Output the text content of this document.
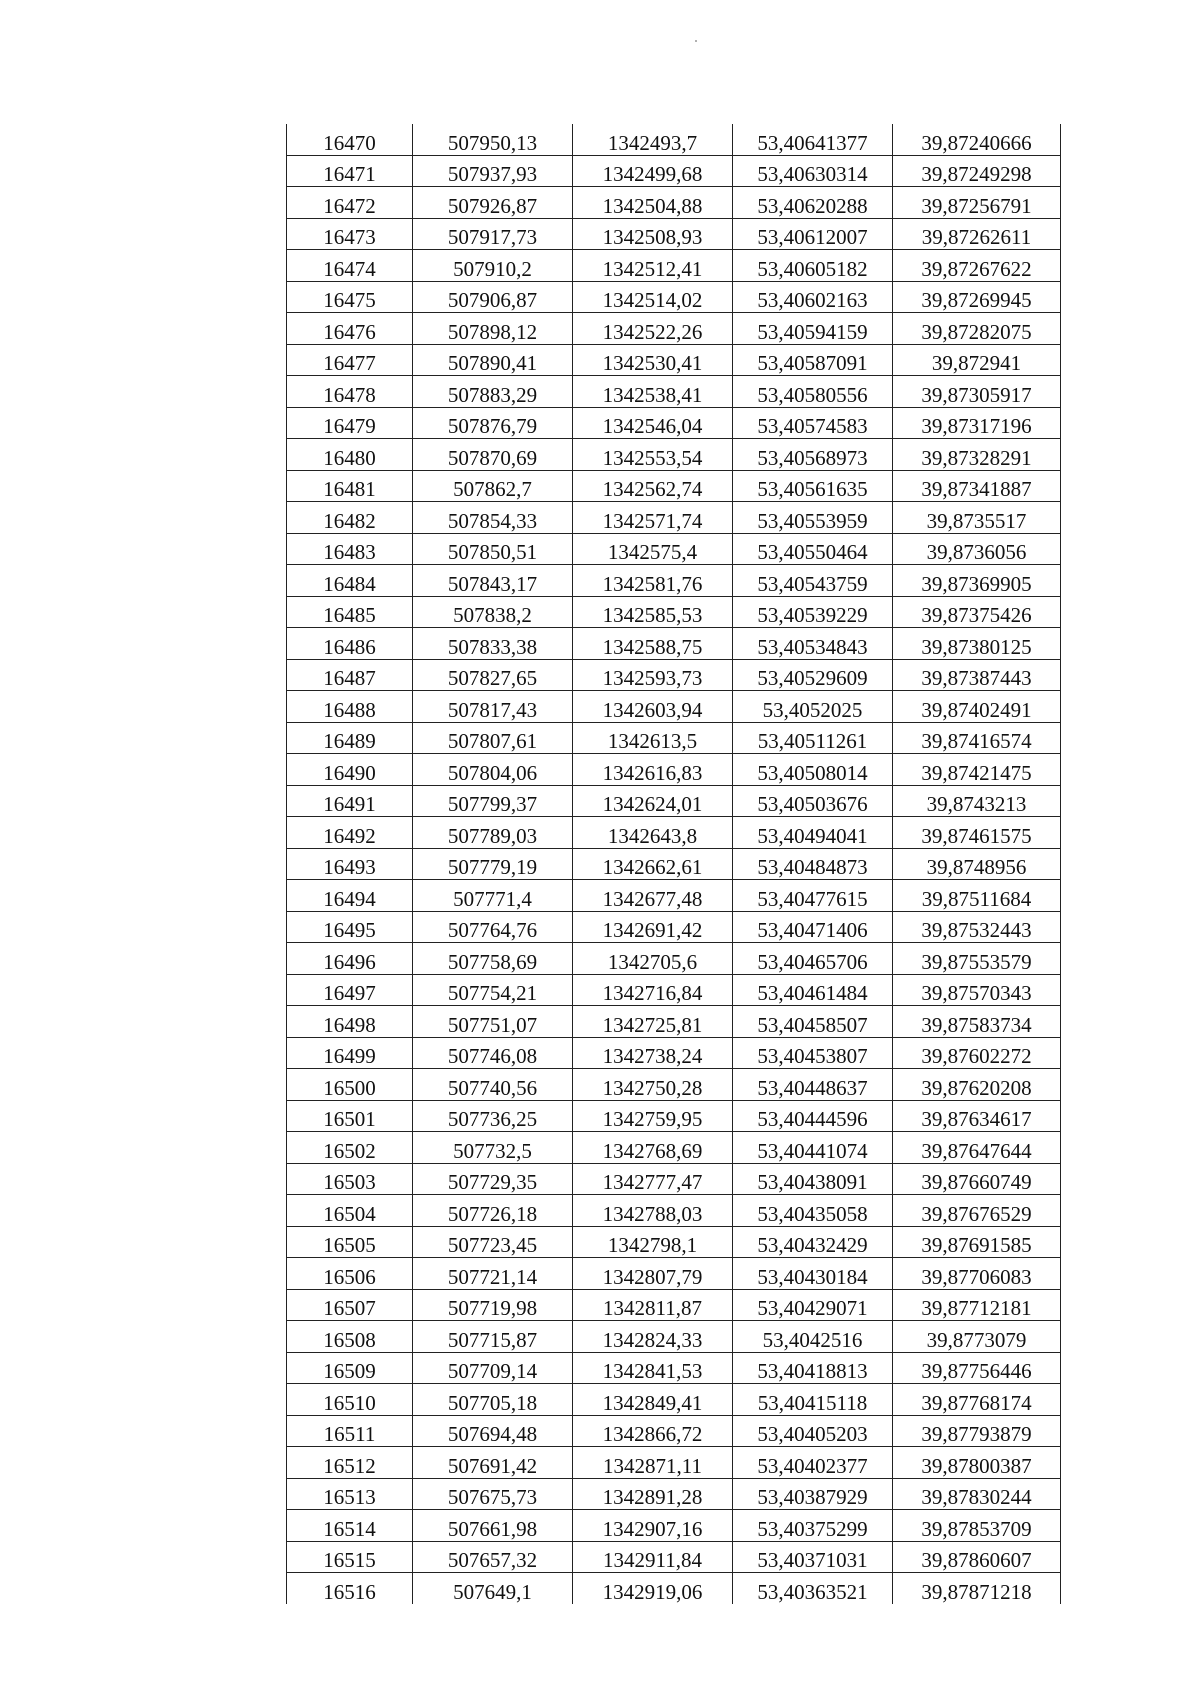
16470	507950,13	1342493,7	53,40641377	39,87240666
16471	507937,93	1342499,68	53,40630314	39,87249298
16472	507926,87	1342504,88	53,40620288	39,87256791
16473	507917,73	1342508,93	53,40612007	39,87262611
16474	507910,2	1342512,41	53,40605182	39,87267622
16475	507906,87	1342514,02	53,40602163	39,87269945
16476	507898,12	1342522,26	53,40594159	39,87282075
16477	507890,41	1342530,41	53,40587091	39,872941
16478	507883,29	1342538,41	53,40580556	39,87305917
16479	507876,79	1342546,04	53,40574583	39,87317196
16480	507870,69	1342553,54	53,40568973	39,87328291
16481	507862,7	1342562,74	53,40561635	39,87341887
16482	507854,33	1342571,74	53,40553959	39,8735517
16483	507850,51	1342575,4	53,40550464	39,8736056
16484	507843,17	1342581,76	53,40543759	39,87369905
16485	507838,2	1342585,53	53,40539229	39,87375426
16486	507833,38	1342588,75	53,40534843	39,87380125
16487	507827,65	1342593,73	53,40529609	39,87387443
16488	507817,43	1342603,94	53,4052025	39,87402491
16489	507807,61	1342613,5	53,40511261	39,87416574
16490	507804,06	1342616,83	53,40508014	39,87421475
16491	507799,37	1342624,01	53,40503676	39,8743213
16492	507789,03	1342643,8	53,40494041	39,87461575
16493	507779,19	1342662,61	53,40484873	39,8748956
16494	507771,4	1342677,48	53,40477615	39,87511684
16495	507764,76	1342691,42	53,40471406	39,87532443
16496	507758,69	1342705,6	53,40465706	39,87553579
16497	507754,21	1342716,84	53,40461484	39,87570343
16498	507751,07	1342725,81	53,40458507	39,87583734
16499	507746,08	1342738,24	53,40453807	39,87602272
16500	507740,56	1342750,28	53,40448637	39,87620208
16501	507736,25	1342759,95	53,40444596	39,87634617
16502	507732,5	1342768,69	53,40441074	39,87647644
16503	507729,35	1342777,47	53,40438091	39,87660749
16504	507726,18	1342788,03	53,40435058	39,87676529
16505	507723,45	1342798,1	53,40432429	39,87691585
16506	507721,14	1342807,79	53,40430184	39,87706083
16507	507719,98	1342811,87	53,40429071	39,87712181
16508	507715,87	1342824,33	53,4042516	39,8773079
16509	507709,14	1342841,53	53,40418813	39,87756446
16510	507705,18	1342849,41	53,40415118	39,87768174
16511	507694,48	1342866,72	53,40405203	39,87793879
16512	507691,42	1342871,11	53,40402377	39,87800387
16513	507675,73	1342891,28	53,40387929	39,87830244
16514	507661,98	1342907,16	53,40375299	39,87853709
16515	507657,32	1342911,84	53,40371031	39,87860607
16516	507649,1	1342919,06	53,40363521	39,87871218
